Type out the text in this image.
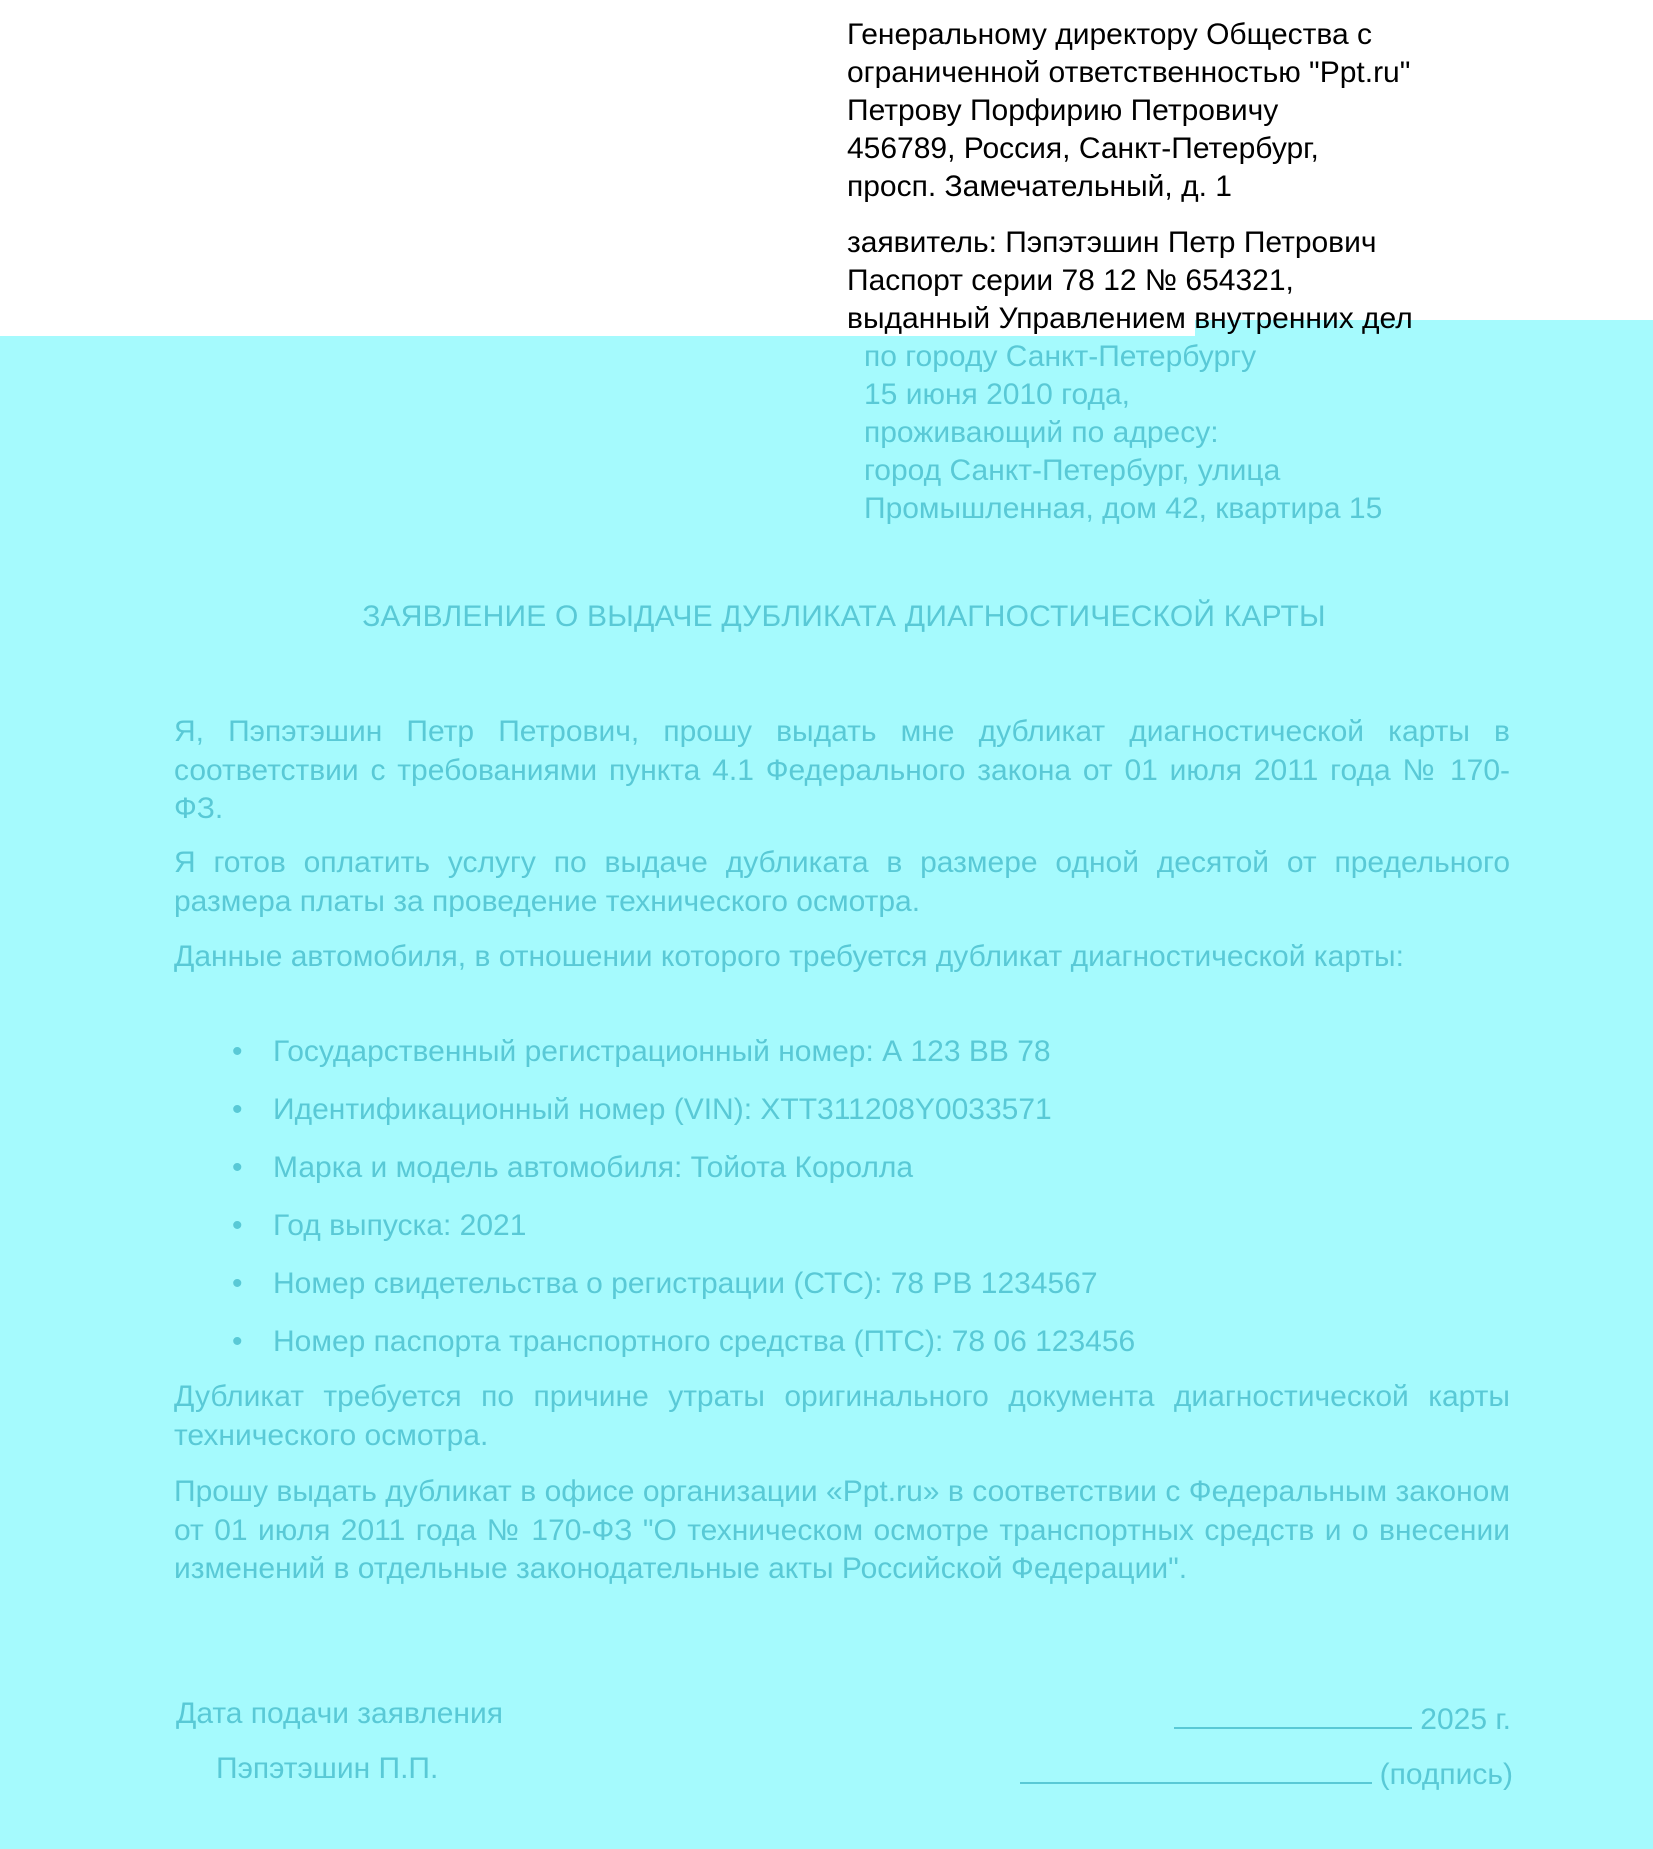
Генеральному директору Общества с
ограниченной ответственностью "Ppt.ru"
Петрову Порфирию Петровичу
456789, Россия, Санкт-Петербург,
просп. Замечательный, д. 1
заявитель: Пэпэтэшин Петр Петрович
Паспорт серии 78 12 № 654321,
выданный Управлением внутренних дел
по городу Санкт-Петербургу
15 июня 2010 года,
проживающий по адресу:
город Санкт-Петербург, улица
Промышленная, дом 42, квартира 15
ЗАЯВЛЕНИЕ О ВЫДАЧЕ ДУБЛИКАТА ДИАГНОСТИЧЕСКОЙ КАРТЫ
Я, Пэпэтэшин Петр Петрович, прошу выдать мне дубликат диагностической карты в соответствии с требованиями пункта 4.1 Федерального закона от 01 июля 2011 года № 170-ФЗ.
Я готов оплатить услугу по выдаче дубликата в размере одной десятой от предельного размера платы за проведение технического осмотра.
Данные автомобиля, в отношении которого требуется дубликат диагностической карты:
• Государственный регистрационный номер: А 123 ВВ 78
• Идентификационный номер (VIN): XTT311208Y0033571
• Марка и модель автомобиля: Тойота Королла
• Год выпуска: 2021
• Номер свидетельства о регистрации (СТС): 78 РВ 1234567
• Номер паспорта транспортного средства (ПТС): 78 06 123456
Дубликат требуется по причине утраты оригинального документа диагностической карты технического осмотра.
Прошу выдать дубликат в офисе организации «Ppt.ru» в соответствии с Федеральным законом от 01 июля 2011 года № 170-ФЗ "О техническом осмотре транспортных средств и о внесении изменений в отдельные законодательные акты Российской Федерации".
Дата подачи заявления	2025 г.
Пэпэтэшин П.П.	(подпись)
